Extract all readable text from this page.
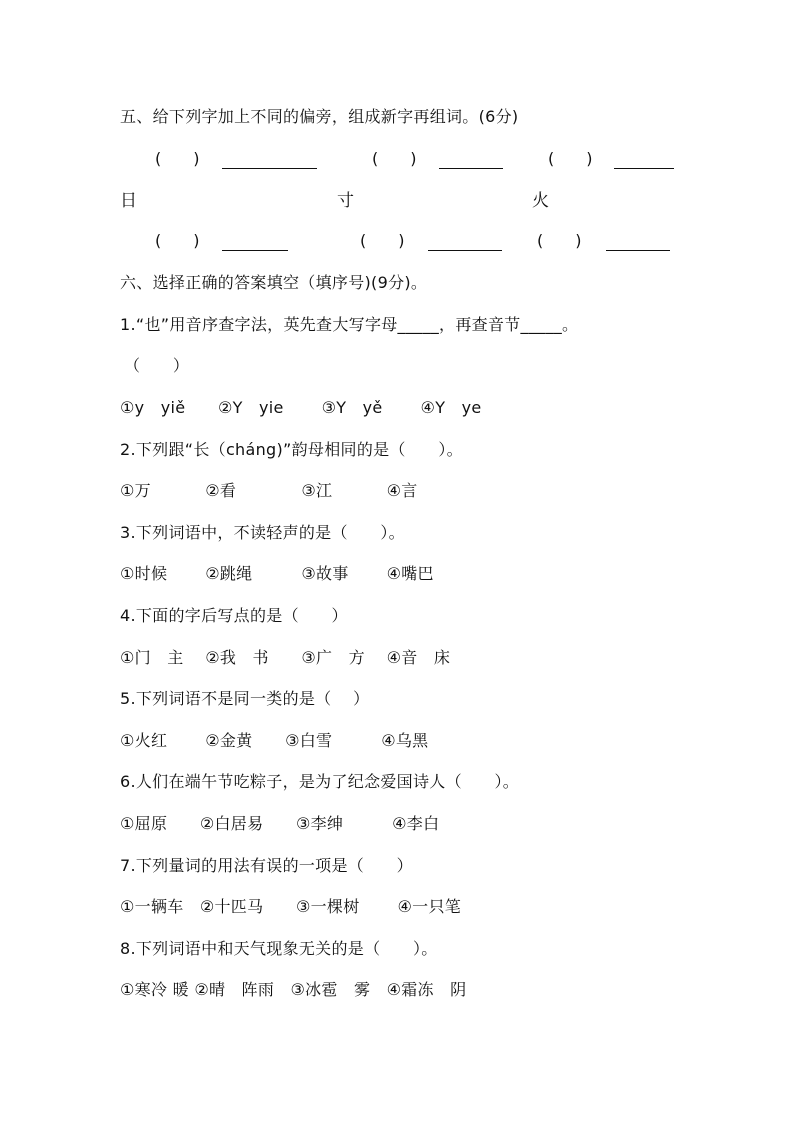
五、给下列字加上不同的偏旁，组成新字再组词。(6分)
(　　)	(　　)	(　　)
日	寸	火
(　　)	(　　)	(　　)
六、选择正确的答案填空（填序号)(9分)。
1.“也”用音序查字法，英先查大写字母_____，再查音节_____。
（　　）
①y　yiě　　②Y　yie　　 ③Y　yě　　 ④Y　ye
2.下列跟“长（cháng)”韵母相同的是（　　）。
①万　　　 ②看　　　　③江　　　 ④言
3.下列词语中，不读轻声的是（　　）。
①时候　　 ②跳绳　　　③故事　　 ④嘴巴
4.下面的字后写点的是（　　）
①门　主　 ②我　书　　③广　方　 ④音　床
5.下列词语不是同一类的是（　 ）
①火红　　 ②金黄　　③白雪　　　④乌黑
6.人们在端午节吃粽子，是为了纪念爱国诗人（　　）。
①屈原　　②白居易　　③李绅　　　④李白
7.下列量词的用法有误的一项是（　　）
①一辆车　②十匹马　　③一棵树　　 ④一只笔
8.下列词语中和天气现象无关的是（　　）。
①寒冷 暖 ②晴　阵雨　③冰雹　雾　④霜冻　阴
